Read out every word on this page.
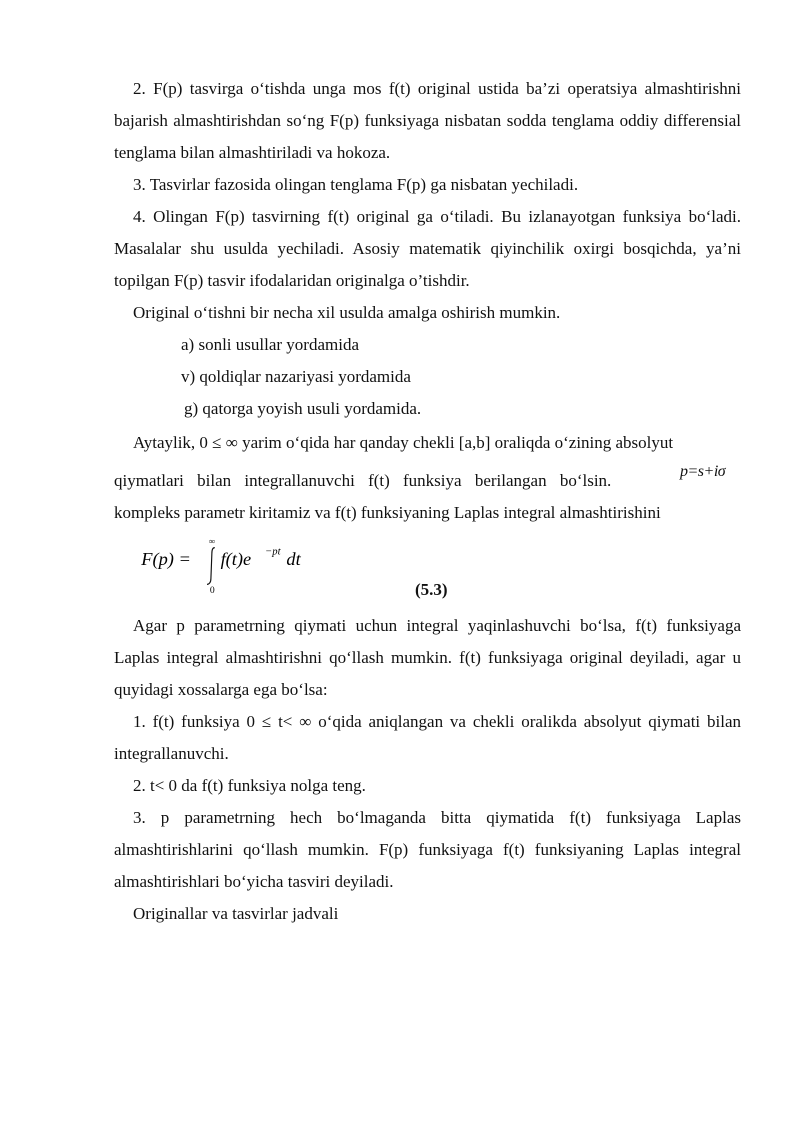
2. F(p) tasvirga o‘tishda unga mos f(t) original ustida ba’zi operatsiya almashtirishni bajarish almashtirishdan so‘ng F(p) funksiyaga nisbatan sodda tenglama oddiy differensial tenglama bilan almashtiriladi va hokoza.

3. Tasvirlar fazosida olingan tenglama F(p) ga nisbatan yechiladi.

4. Olingan F(p) tasvirning f(t) original ga o‘tiladi. Bu izlanayotgan funksiya bo‘ladi. Masalalar shu usulda yechiladi. Asosiy matematik qiyinchilik oxirgi bosqichda, ya’ni topilgan F(p) tasvir ifodalaridan originalga o’tishdir.

Original o‘tishni bir necha xil usulda amalga oshirish mumkin.

a) sonli usullar yordamida

v) qoldiqlar nazariyasi yordamida

g) qatorga yoyish usuli yordamida.

Aytaylik, 0 ≤ ∞ yarim o‘qida har qanday chekli [a,b] oraliqda o‘zining absolyut

qiymatlari bilan integrallanuvchi f(t) funksiya berilangan bo‘lsin.	p=s+iσ

kompleks parametr kiritamiz va f(t) funksiyaning Laplas integral almashtirishini

F(p) =
∞
0
f(t)e −pt dt
(5.3)

Agar p parametrning qiymati uchun integral yaqinlashuvchi bo‘lsa, f(t) funksiyaga Laplas integral almashtirishni qo‘llash mumkin. f(t) funksiyaga original deyiladi, agar u quyidagi xossalarga ega bo‘lsa:

1. f(t) funksiya 0 ≤ t< ∞ o‘qida aniqlangan va chekli oralikda absolyut qiymati bilan integrallanuvchi.

2. t< 0 da f(t) funksiya nolga teng.

3. p parametrning hech bo‘lmaganda bitta qiymatida f(t) funksiyaga Laplas almashtirishlarini qo‘llash mumkin. F(p) funksiyaga f(t) funksiyaning Laplas integral almashtirishlari bo‘yicha tasviri deyiladi.

Originallar va tasvirlar jadvali
